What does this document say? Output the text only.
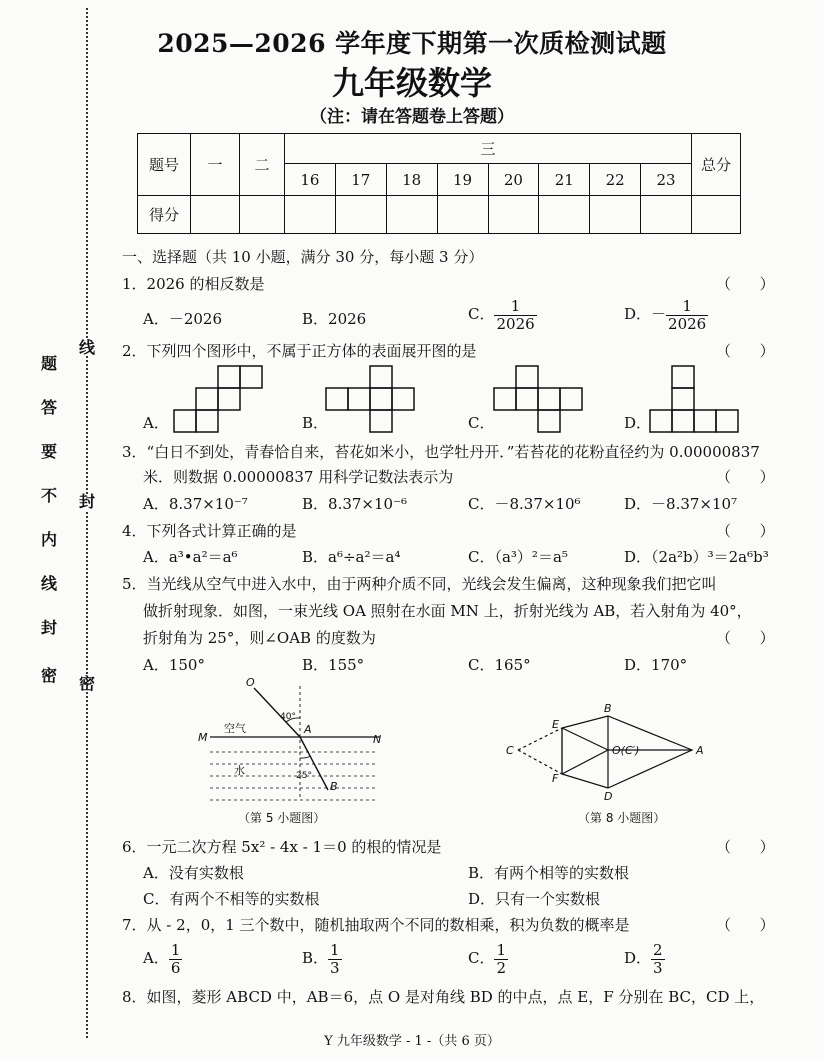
密
封
线
内
不
要
答
题
线
封
密
2025—2026 学年度下期第一次质检测试题
九年级数学
（注：请在答题卷上答题）
题号	一	二	三								总分
			16	17	18	19	20	21	22	23	
得分											
一、选择题（共 10 小题，满分 30 分，每小题 3 分）
1．2026 的相反数是	（      ）
A．－2026	B．2026	C． $\frac{1}{2026}$	D．－ $\frac{1}{2026}$
2．下列四个图形中，不属于正方体的表面展开图的是	（      ）
A．	B．	C．	D．
3．“白日不到处，青春恰自来，苔花如米小，也学牡丹开．”若苔花的花粉直径约为 0.00000837
米．则数据 0.00000837 用科学记数法表示为	（      ）
A．8.37×10⁻⁷	B．8.37×10⁻⁶	C．－8.37×10⁶	D．－8.37×10⁷
4．下列各式计算正确的是	（      ）
A．a³•a²＝a⁶	B．a⁶÷a²＝a⁴	C．（a³）²＝a⁵	D．（2a²b）³＝2a⁶b³
5．当光线从空气中进入水中，由于两种介质不同，光线会发生偏离，这种现象我们把它叫
做折射现象．如图，一束光线 OA 照射在水面 MN 上，折射光线为 AB，若入射角为 40°，
折射角为 25°，则∠OAB 的度数为	（      ）
A．150°	B．155°	C．165°	D．170°
O
M	N
A
B
空气
水
40°
25°
（第 5 小题图）
B
D
A
C
E
F
O(C′)
（第 8 小题图）
6．一元二次方程 5x² - 4x - 1＝0 的根的情况是	（      ）
A．没有实数根	B．有两个相等的实数根
C．有两个不相等的实数根	D．只有一个实数根
7．从 - 2，0，1 三个数中，随机抽取两个不同的数相乘，积为负数的概率是	（      ）
A． $\frac{1}{6}$	B． $\frac{1}{3}$	C． $\frac{1}{2}$	D． $\frac{2}{3}$
8．如图，菱形 ABCD 中，AB＝6，点 O 是对角线 BD 的中点，点 E，F 分别在 BC，CD 上，
Y 九年级数学 - 1 -（共 6 页）
